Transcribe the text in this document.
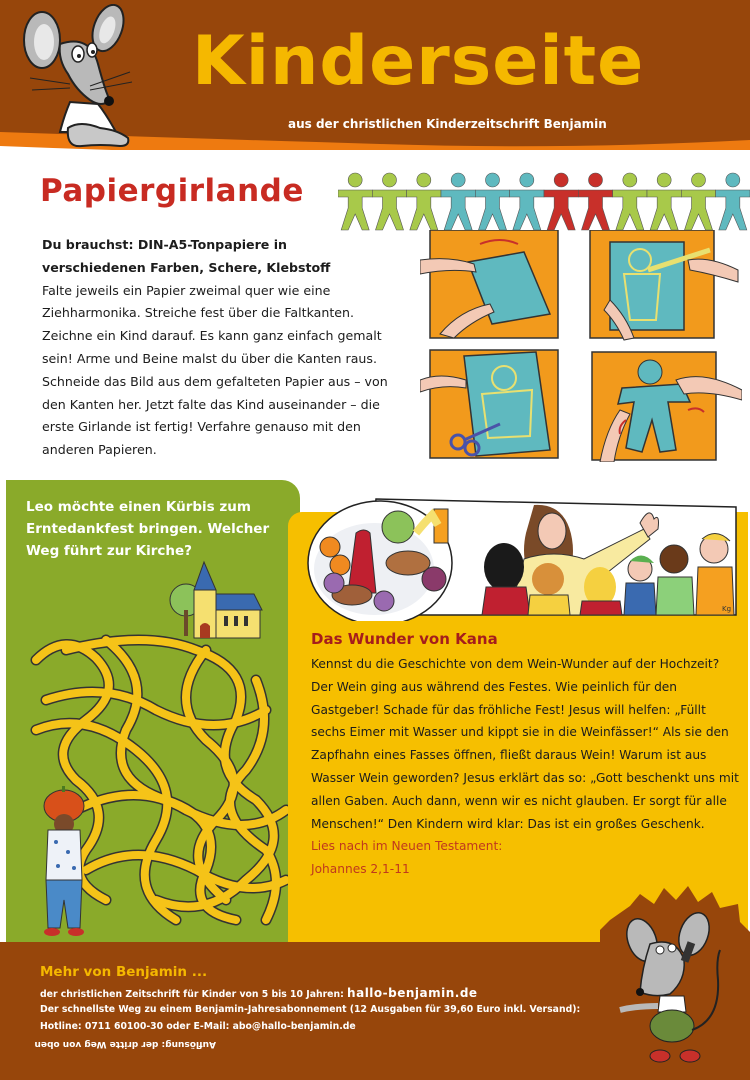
Kinderseite
aus der christlichen Kinderzeitschrift Benjamin
Papiergirlande
Du brauchst: DIN-A5-Tonpapiere in verschiedenen Farben, Schere, Klebstoff
Falte jeweils ein Papier zweimal quer wie eine Ziehharmonika. Streiche fest über die Faltkanten. Zeichne ein Kind darauf. Es kann ganz einfach gemalt sein! Arme und Beine malst du über die Kanten raus. Schneide das Bild aus dem gefalteten Papier aus – von den Kanten her. Jetzt falte das Kind auseinander – die erste Girlande ist fertig! Verfahre genauso mit den anderen Papieren.
Leo möchte einen Kürbis zum Erntedankfest bringen. Welcher Weg führt zur Kirche?
Kg
Das Wunder von Kana
Kennst du die Geschichte von dem Wein-Wunder auf der Hochzeit? Der Wein ging aus während des Festes. Wie peinlich für den Gastgeber! Schade für das fröhliche Fest! Jesus will helfen: „Füllt sechs Eimer mit Wasser und kippt sie in die Weinfässer!“ Als sie den Zapfhahn eines Fasses öffnen, fließt daraus Wein! Warum ist aus Wasser Wein geworden? Jesus erklärt das so: „Gott beschenkt uns mit allen Gaben. Auch dann, wenn wir es nicht glauben. Er sorgt für alle Menschen!“ Den Kindern wird klar: Das ist ein großes Geschenk.
Lies nach im Neuen Testament:
Johannes 2,1-11
Mehr von Benjamin ...
der christlichen Zeitschrift für Kinder von 5 bis 10 Jahren: hallo-benjamin.de
Der schnellste Weg zu einem Benjamin-Jahresabonnement (12 Ausgaben für 39,60 Euro inkl. Versand):
Hotline: 0711 60100-30 oder E-Mail: abo@hallo-benjamin.de
Auflösung: der dritte Weg von oben
